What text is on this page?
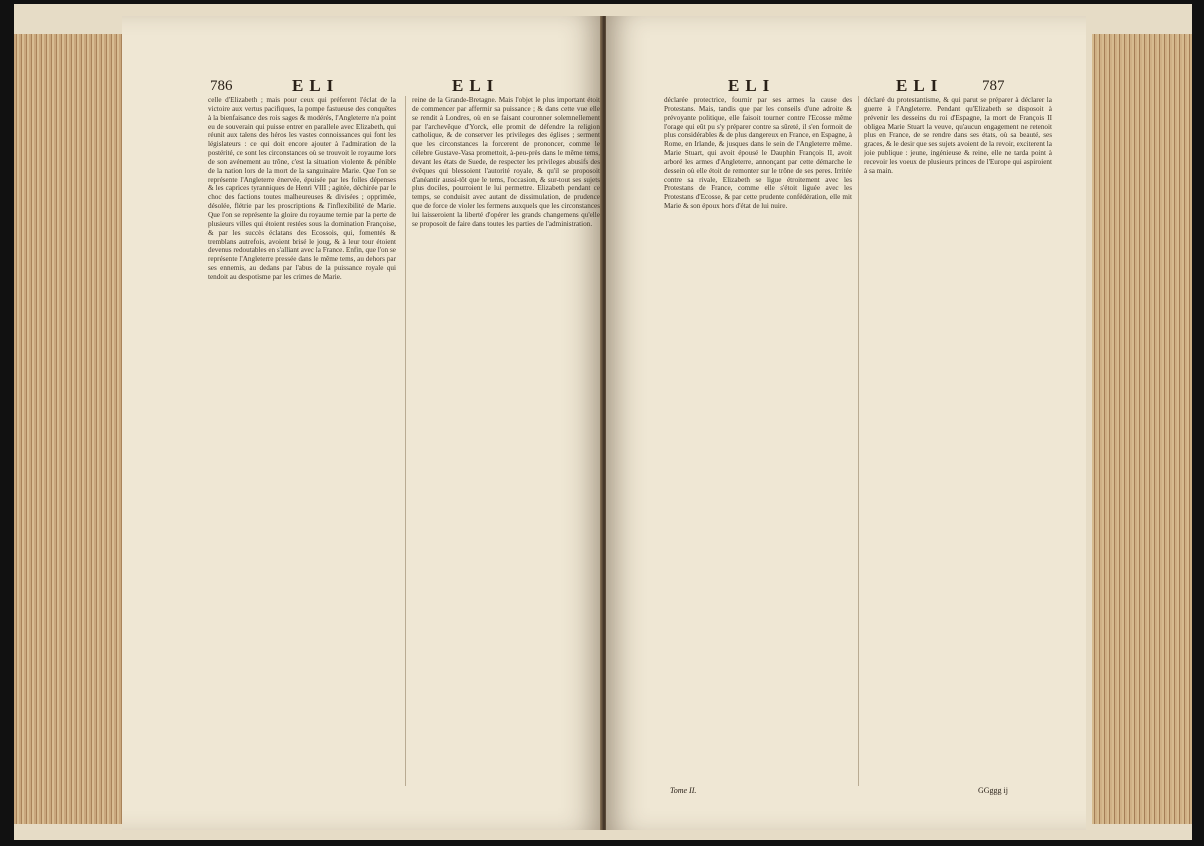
786	ELI	ELI

celle d'Elizabeth ; mais pour ceux qui préferent l'éclat de la victoire aux vertus pacifiques, la pompe fastueuse des conquêtes à la bienfaisance des rois sages & modérés, l'Angleterre n'a point eu de souverain qui puisse entrer en parallele avec Elizabeth, qui réunit aux talens des héros les vastes connoissances qui font les législateurs : ce qui doit encore ajouter à l'admiration de la postérité, ce sont les circonstances où se trouvoit le royaume lors de son avénement au trône, c'est la situation violente & pénible de la nation lors de la mort de la sanguinaire Marie. Que l'on se représente l'Angleterre énervée, épuisée par les folles dépenses & les caprices tyranniques de Henri VIII ; agitée, déchirée par le choc des factions toutes malheureuses & divisées ; opprimée, désolée, flétrie par les proscriptions & l'inflexibilité de Marie. Que l'on se représente la gloire du royaume ternie par la perte de plusieurs villes qui étoient restées sous la domination Françoise, & par les succès éclatans des Ecossois, qui, fomentés & tremblans autrefois, avoient brisé le joug, & à leur tour étoient devenus redoutables en s'alliant avec la France. Enfin, que l'on se représente l'Angleterre pressée dans le même tems, au dehors par ses ennemis, au dedans par l'abus de la puissance royale qui tendoit au despotisme par les crimes de Marie.

reine de la Grande-Bretagne. Mais l'objet le plus important étoit de commencer par affermir sa puissance ; & dans cette vue elle se rendit à Londres, où en se faisant couronner solemnellement par l'archevêque d'Yorck, elle promit de défendre la religion catholique, & de conserver les privileges des églises ; serment que les circonstances la forcerent de prononcer, comme le célebre Gustave-Vasa promettoit, à-peu-près dans le même tems, devant les états de Suede, de respecter les privileges abusifs des évêques qui blessoient l'autorité royale, & qu'il se proposoit d'anéantir aussi-tôt que le tems, l'occasion, & sur-tout ses sujets plus dociles, pourroient le lui permettre. Elizabeth pendant ce temps, se conduisit avec autant de dissimulation, de prudence que de force de violer les fermens auxquels que les circonstances lui laisseroient la liberté d'opérer les grands changemens qu'elle se proposoit de faire dans toutes les parties de l'administration.

ELI	ELI	787

déclarée protectrice, fournir par ses armes la cause des Protestans. Mais, tandis que par les conseils d'une adroite & prévoyante politique, elle faisoit tourner contre l'Ecosse même l'orage qui eût pu s'y préparer contre sa sûreté, il s'en formoit de plus considérables & de plus dangereux en France, en Espagne, à Rome, en Irlande, & jusques dans le sein de l'Angleterre même. Marie Stuart, qui avoit épousé le Dauphin François II, avoit arboré les armes d'Angleterre, annonçant par cette démarche le dessein où elle étoit de remonter sur le trône de ses peres. Irritée contre sa rivale, Elizabeth se ligue étroitement avec les Protestans de France, comme elle s'étoit liguée avec les Protestans d'Ecosse, & par cette prudente confédération, elle mit Marie & son époux hors d'état de lui nuire.

déclaré du protestantisme, & qui parut se préparer à déclarer la guerre à l'Angleterre. Pendant qu'Elizabeth se disposoit à prévenir les desseins du roi d'Espagne, la mort de François II obligea Marie Stuart la veuve, qu'aucun engagement ne retenoit plus en France, de se rendre dans ses états, où sa beauté, ses graces, & le desir que ses sujets avoient de la revoir, exciterent la joie publique : jeune, ingénieuse & reine, elle ne tarda point à recevoir les voeux de plusieurs princes de l'Europe qui aspiroient à sa main.

Tome II.	GGggg ij
